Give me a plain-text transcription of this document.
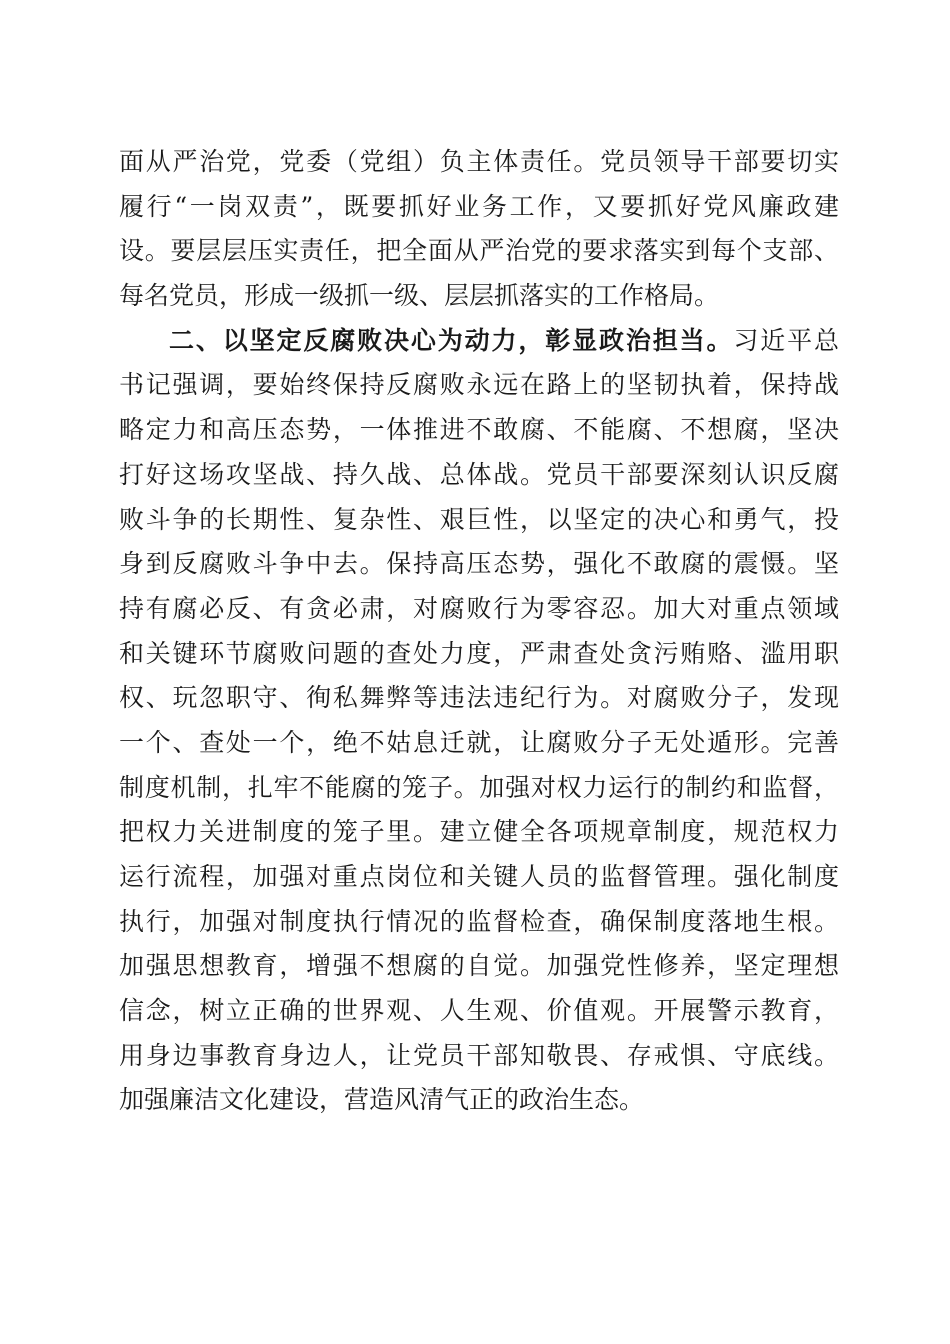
面从严治党，党委（党组）负主体责任。党员领导干部要切实
履行“一岗双责”，既要抓好业务工作，又要抓好党风廉政建
设。要层层压实责任，把全面从严治党的要求落实到每个支部、
每名党员，形成一级抓一级、层层抓落实的工作格局。
二、以坚定反腐败决心为动力，彰显政治担当。习近平总
书记强调，要始终保持反腐败永远在路上的坚韧执着，保持战
略定力和高压态势，一体推进不敢腐、不能腐、不想腐，坚决
打好这场攻坚战、持久战、总体战。党员干部要深刻认识反腐
败斗争的长期性、复杂性、艰巨性，以坚定的决心和勇气，投
身到反腐败斗争中去。保持高压态势，强化不敢腐的震慑。坚
持有腐必反、有贪必肃，对腐败行为零容忍。加大对重点领域
和关键环节腐败问题的查处力度，严肃查处贪污贿赂、滥用职
权、玩忽职守、徇私舞弊等违法违纪行为。对腐败分子，发现
一个、查处一个，绝不姑息迁就，让腐败分子无处遁形。完善
制度机制，扎牢不能腐的笼子。加强对权力运行的制约和监督，
把权力关进制度的笼子里。建立健全各项规章制度，规范权力
运行流程，加强对重点岗位和关键人员的监督管理。强化制度
执行，加强对制度执行情况的监督检查，确保制度落地生根。
加强思想教育，增强不想腐的自觉。加强党性修养，坚定理想
信念，树立正确的世界观、人生观、价值观。开展警示教育，
用身边事教育身边人，让党员干部知敬畏、存戒惧、守底线。
加强廉洁文化建设，营造风清气正的政治生态。
